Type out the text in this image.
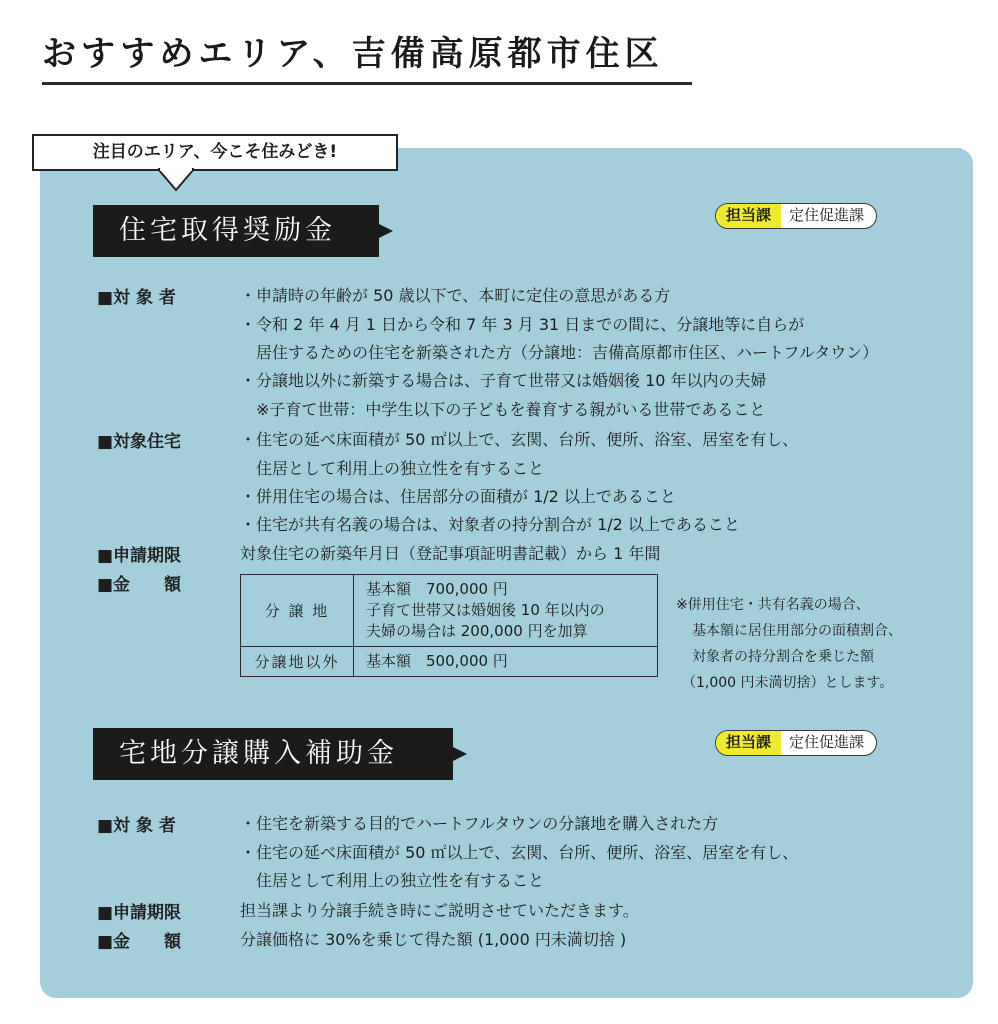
おすすめエリア、吉備高原都市住区
注目のエリア、今こそ住みどき!
住宅取得奨励金	担当課	定住促進課
■対 象 者	・申請時の年齢が 50 歳以下で、本町に定住の意思がある方
・令和 2 年 4 月 1 日から令和 7 年 3 月 31 日までの間に、分譲地等に自らが
居住するための住宅を新築された方（分譲地：吉備高原都市住区、ハートフルタウン）
・分譲地以外に新築する場合は、子育て世帯又は婚姻後 10 年以内の夫婦
※子育て世帯：中学生以下の子どもを養育する親がいる世帯であること
■対象住宅	・住宅の延べ床面積が 50 ㎡以上で、玄関、台所、便所、浴室、居室を有し、
住居として利用上の独立性を有すること
・併用住宅の場合は、住居部分の面積が 1/2 以上であること
・住宅が共有名義の場合は、対象者の持分割合が 1/2 以上であること
■申請期限	対象住宅の新築年月日（登記事項証明書記載）から 1 年間
■金　　額
分 譲 地	基本額　700,000 円
子育て世帯又は婚姻後 10 年以内の
夫婦の場合は 200,000 円を加算

分譲地以外	基本額　500,000 円
※併用住宅・共有名義の場合、
基本額に居住用部分の面積割合、
対象者の持分割合を乗じた額
（1,000 円未満切捨）とします。
宅地分譲購入補助金	担当課	定住促進課
■対 象 者	・住宅を新築する目的でハートフルタウンの分譲地を購入された方
・住宅の延べ床面積が 50 ㎡以上で、玄関、台所、便所、浴室、居室を有し、
住居として利用上の独立性を有すること
■申請期限	担当課より分譲手続き時にご説明させていただきます。
■金　　額	分譲価格に 30%を乗じて得た額 (1,000 円未満切捨 )
